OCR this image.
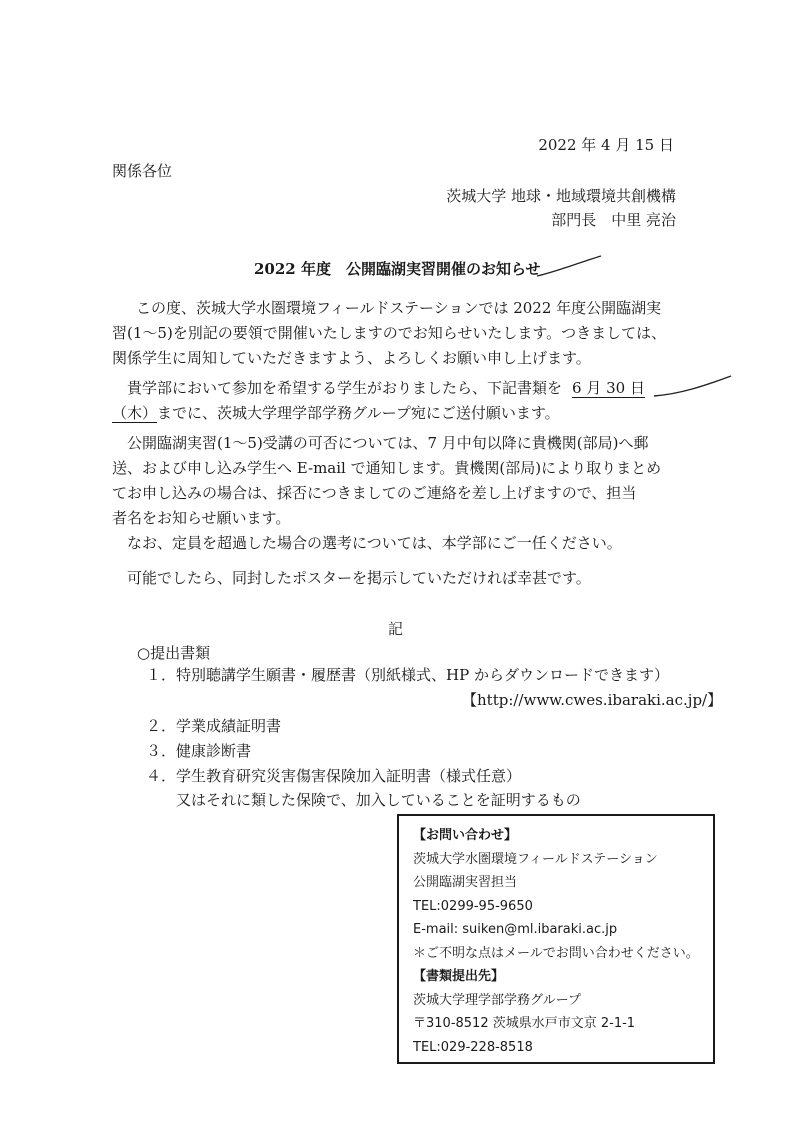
2022 年 4 月 15 日
関係各位
茨城大学 地球・地域環境共創機構
部門長　中里 亮治
2022 年度　公開臨湖実習開催のお知らせ
この度、茨城大学水圏環境フィールドステーションでは 2022 年度公開臨湖実
習(1～5)を別記の要領で開催いたしますのでお知らせいたします。つきましては、
関係学生に周知していただきますよう、よろしくお願い申し上げます。
貴学部において参加を希望する学生がおりましたら、下記書類を 6 月 30 日
（木）までに、茨城大学理学部学務グループ宛にご送付願います。
公開臨湖実習(1～5)受講の可否については、7 月中旬以降に貴機関(部局)へ郵
送、および申し込み学生へ E-mail で通知します。貴機関(部局)により取りまとめ
てお申し込みの場合は、採否につきましてのご連絡を差し上げますので、担当
者名をお知らせ願います。
なお、定員を超過した場合の選考については、本学部にご一任ください。
可能でしたら、同封したポスターを掲示していただければ幸甚です。
記
○提出書類
１．特別聴講学生願書・履歴書（別紙様式、HP からダウンロードできます）
【http://www.cwes.ibaraki.ac.jp/】
２．学業成績証明書
３．健康診断書
４．学生教育研究災害傷害保険加入証明書（様式任意）
又はそれに類した保険で、加入していることを証明するもの
【お問い合わせ】
茨城大学水圏環境フィールドステーション
公開臨湖実習担当
TEL:0299-95-9650
E-mail: suiken@ml.ibaraki.ac.jp
＊ご不明な点はメールでお問い合わせください。
【書類提出先】
茨城大学理学部学務グループ
〒310-8512 茨城県水戸市文京 2-1-1
TEL:029-228-8518
